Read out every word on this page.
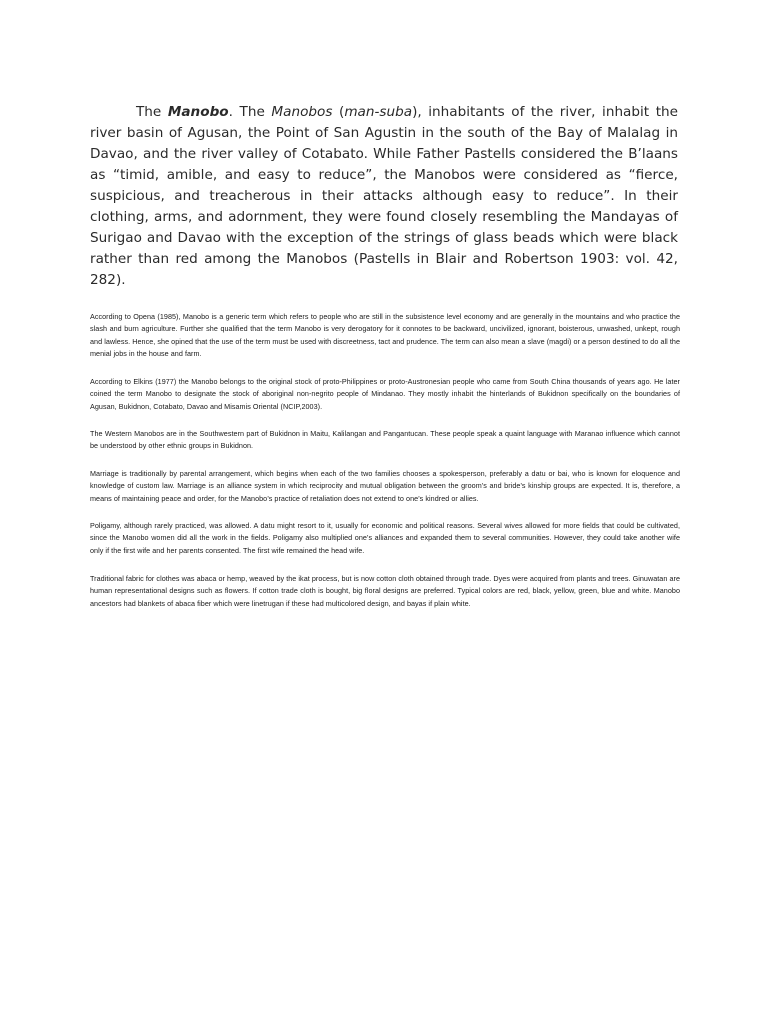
The Manobo. The Manobos (man-suba), inhabitants of the river, inhabit the river basin of Agusan, the Point of San Agustin in the south of the Bay of Malalag in Davao, and the river valley of Cotabato. While Father Pastells considered the B’laans as “timid, amible, and easy to reduce”, the Manobos were considered as “fierce, suspicious, and treacherous in their attacks although easy to reduce”. In their clothing, arms, and adornment, they were found closely resembling the Mandayas of Surigao and Davao with the exception of the strings of glass beads which were black rather than red among the Manobos (Pastells in Blair and Robertson 1903: vol. 42, 282).

According to Opena (1985), Manobo is a generic term which refers to people who are still in the subsistence level economy and are generally in the mountains and who practice the slash and burn agriculture. Further she qualified that the term Manobo is very derogatory for it connotes to be backward, uncivilized, ignorant, boisterous, unwashed, unkept, rough and lawless. Hence, she opined that the use of the term must be used with discreetness, tact and prudence. The term can also mean a slave (magdi) or a person destined to do all the menial jobs in the house and farm.

According to Elkins (1977) the Manobo belongs to the original stock of proto-Philippines or proto-Austronesian people who came from South China thousands of years ago. He later coined the term Manobo to designate the stock of aboriginal non-negrito people of Mindanao. They mostly inhabit the hinterlands of Bukidnon specifically on the boundaries of Agusan, Bukidnon, Cotabato, Davao and Misamis Oriental (NCIP,2003).

The Western Manobos are in the Southwestern part of Bukidnon in Maitu, Kalilangan and Pangantucan. These people speak a quaint language with Maranao influence which cannot be understood by other ethnic groups in Bukidnon.

Marriage is traditionally by parental arrangement, which begins when each of the two families chooses a spokesperson, preferably a datu or bai, who is known for eloquence and knowledge of custom law. Marriage is an alliance system in which reciprocity and mutual obligation between the groom’s and bride’s kinship groups are expected. It is, therefore, a means of maintaining peace and order, for the Manobo’s practice of retaliation does not extend to one’s kindred or allies.

Poligamy, although rarely practiced, was allowed. A datu might resort to it, usually for economic and political reasons. Several wives allowed for more fields that could be cultivated, since the Manobo women did all the work in the fields. Poligamy also multiplied one’s alliances and expanded them to several communities. However, they could take another wife only if the first wife and her parents consented. The first wife remained the head wife.

Traditional fabric for clothes was abaca or hemp, weaved by the ikat process, but is now cotton cloth obtained through trade. Dyes were acquired from plants and trees. Ginuwatan are human representational designs such as flowers. If cotton trade cloth is bought, big floral designs are preferred. Typical colors are red, black, yellow, green, blue and white. Manobo ancestors had blankets of abaca fiber which were linetrugan if these had multicolored design, and bayas if plain white.
